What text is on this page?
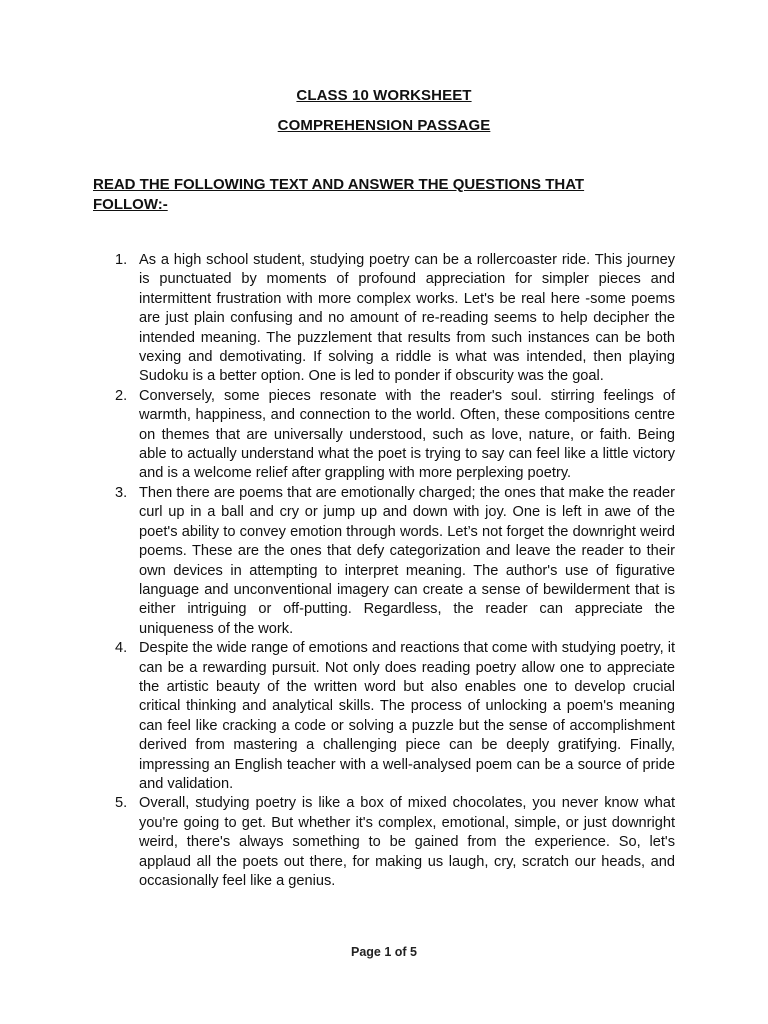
CLASS 10 WORKSHEET
COMPREHENSION PASSAGE
READ THE FOLLOWING TEXT AND ANSWER THE QUESTIONS THAT FOLLOW:-
1. As a high school student, studying poetry can be a rollercoaster ride. This journey is punctuated by moments of profound appreciation for simpler pieces and intermittent frustration with more complex works. Let's be real here -some poems are just plain confusing and no amount of re-reading seems to help decipher the intended meaning. The puzzlement that results from such instances can be both vexing and demotivating. If solving a riddle is what was intended, then playing Sudoku is a better option. One is led to ponder if obscurity was the goal.
2. Conversely, some pieces resonate with the reader's soul. stirring feelings of warmth, happiness, and connection to the world. Often, these compositions centre on themes that are universally understood, such as love, nature, or faith. Being able to actually understand what the poet is trying to say can feel like a little victory and is a welcome relief after grappling with more perplexing poetry.
3. Then there are poems that are emotionally charged; the ones that make the reader curl up in a ball and cry or jump up and down with joy. One is left in awe of the poet's ability to convey emotion through words. Let’s not forget the downright weird poems. These are the ones that defy categorization and leave the reader to their own devices in attempting to interpret meaning. The author's use of figurative language and unconventional imagery can create a sense of bewilderment that is either intriguing or off-putting. Regardless, the reader can appreciate the uniqueness of the work.
4. Despite the wide range of emotions and reactions that come with studying poetry, it can be a rewarding pursuit. Not only does reading poetry allow one to appreciate the artistic beauty of the written word but also enables one to develop crucial critical thinking and analytical skills. The process of unlocking a poem's meaning can feel like cracking a code or solving a puzzle but the sense of accomplishment derived from mastering a challenging piece can be deeply gratifying. Finally, impressing an English teacher with a well-analysed poem can be a source of pride and validation.
5. Overall, studying poetry is like a box of mixed chocolates, you never know what you're going to get. But whether it's complex, emotional, simple, or just downright weird, there's always something to be gained from the experience. So, let's applaud all the poets out there, for making us laugh, cry, scratch our heads, and occasionally feel like a genius.
Page 1 of 5
